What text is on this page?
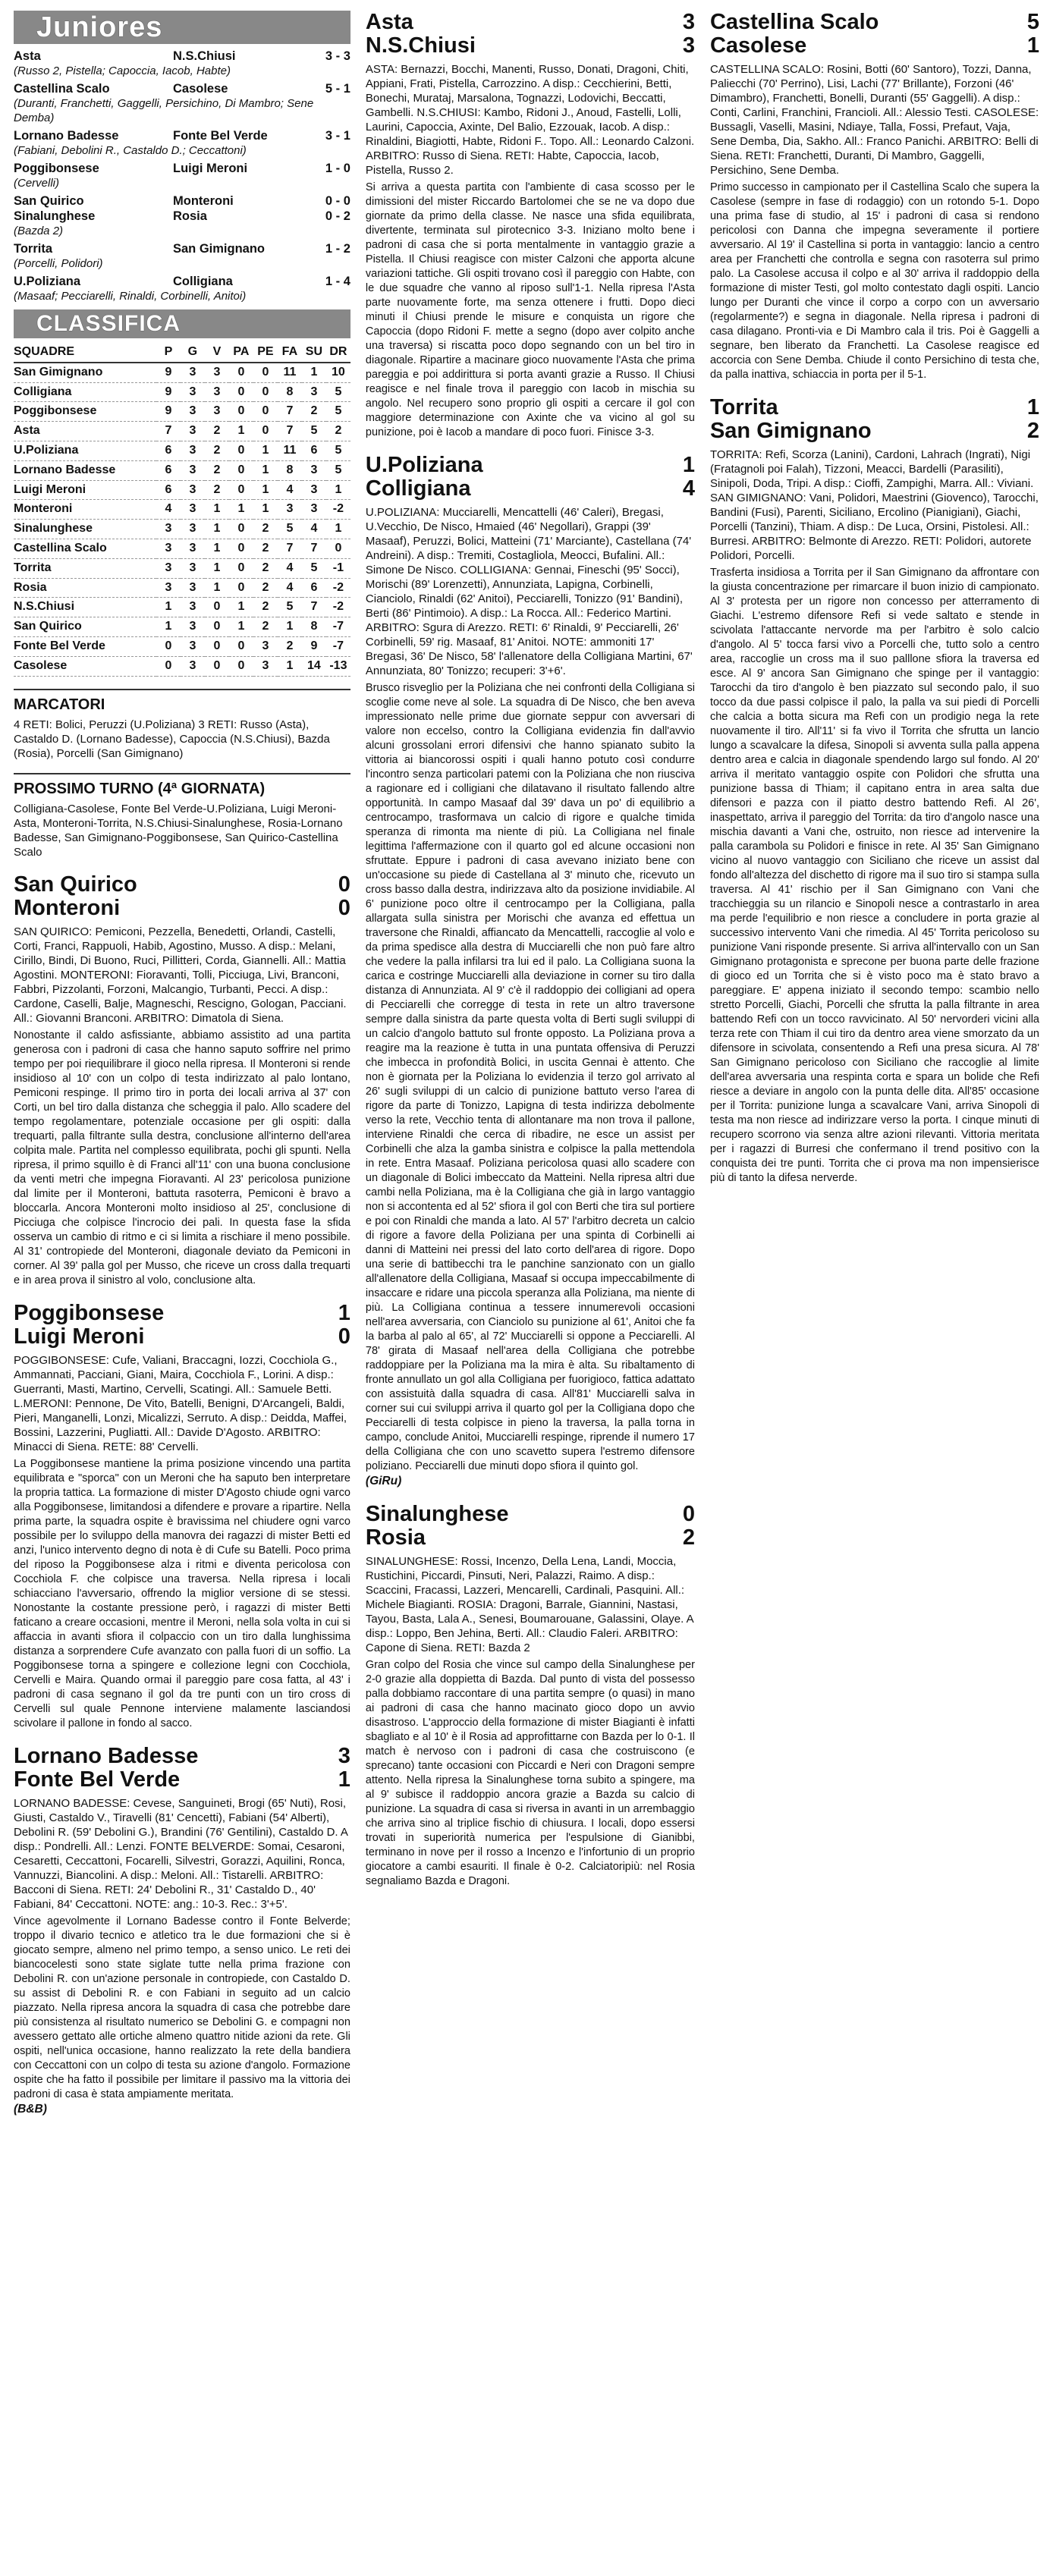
Juniores
Asta	N.S.Chiusi	3 - 3
(Russo 2, Pistella; Capoccia, Iacob, Habte)
Castellina Scalo	Casolese	5 - 1
(Duranti, Franchetti, Gaggelli, Persichino, Di Mambro; Sene Demba)
Lornano Badesse	Fonte Bel Verde	3 - 1
(Fabiani, Debolini R., Castaldo D.; Ceccattoni)
Poggibonsese	Luigi Meroni	1 - 0
(Cervelli)
San Quirico	Monteroni	0 - 0
Sinalunghese	Rosia	0 - 2
(Bazda 2)
Torrita	San Gimignano	1 - 2
(Porcelli, Polidori)
U.Poliziana	Colligiana	1 - 4
(Masaaf; Pecciarelli, Rinaldi, Corbinelli, Anitoi)
CLASSIFICA
SQUADRE	P	G	V	PA	PE	FA	SU	DR
San Gimignano	9	3	3	0	0	11	1	10
Colligiana	9	3	3	0	0	8	3	5
Poggibonsese	9	3	3	0	0	7	2	5
Asta	7	3	2	1	0	7	5	2
U.Poliziana	6	3	2	0	1	11	6	5
Lornano Badesse	6	3	2	0	1	8	3	5
Luigi Meroni	6	3	2	0	1	4	3	1
Monteroni	4	3	1	1	1	3	3	-2
Sinalunghese	3	3	1	0	2	5	4	1
Castellina Scalo	3	3	1	0	2	7	7	0
Torrita	3	3	1	0	2	4	5	-1
Rosia	3	3	1	0	2	4	6	-2
N.S.Chiusi	1	3	0	1	2	5	7	-2
San Quirico	1	3	0	1	2	1	8	-7
Fonte Bel Verde	0	3	0	0	3	2	9	-7
Casolese	0	3	0	0	3	1	14	-13
MARCATORI
4 RETI: Bolici, Peruzzi (U.Poliziana) 3 RETI: Russo (Asta), Castaldo D. (Lornano Badesse), Capoccia (N.S.Chiusi), Bazda (Rosia), Porcelli (San Gimignano)
PROSSIMO TURNO (4ª GIORNATA)
Colligiana-Casolese, Fonte Bel Verde-U.Poliziana, Luigi Meroni-Asta, Monteroni-Torrita, N.S.Chiusi-Sinalunghese, Rosia-Lornano Badesse, San Gimignano-Poggibonsese, San Quirico-Castellina Scalo
San Quirico	0
Monteroni	0
SAN QUIRICO: Pemiconi, Pezzella, Benedetti, Orlandi, Castelli, Corti, Franci, Rappuoli, Habib, Agostino, Musso. A disp.: Melani, Cirillo, Bindi, Di Buono, Ruci, Pillitteri, Corda, Giannelli. All.: Mattia Agostini. MONTERONI: Fioravanti, Tolli, Picciuga, Livi, Branconi, Fabbri, Pizzolanti, Forzoni, Malcangio, Turbanti, Pecci. A disp.: Cardone, Caselli, Balje, Magneschi, Rescigno, Gologan, Pacciani. All.: Giovanni Branconi. ARBITRO: Dimatola di Siena.
Nonostante il caldo asfissiante, abbiamo assistito ad una partita generosa con i padroni di casa che hanno saputo soffrire nel primo tempo per poi riequilibrare il gioco nella ripresa. Il Monteroni si rende insidioso al 10' con un colpo di testa indirizzato al palo lontano, Pemiconi respinge. Il primo tiro in porta dei locali arriva al 37' con Corti, un bel tiro dalla distanza che scheggia il palo. Allo scadere del tempo regolamentare, potenziale occasione per gli ospiti: dalla trequarti, palla filtrante sulla destra, conclusione all'interno dell'area colpita male. Partita nel complesso equilibrata, pochi gli spunti. Nella ripresa, il primo squillo è di Franci all'11' con una buona conclusione da venti metri che impegna Fioravanti. Al 23' pericolosa punizione dal limite per il Monteroni, battuta rasoterra, Pemiconi è bravo a bloccarla. Ancora Monteroni molto insidioso al 25', conclusione di Picciuga che colpisce l'incrocio dei pali. In questa fase la sfida osserva un cambio di ritmo e ci si limita a rischiare il meno possibile. Al 31' contropiede del Monteroni, diagonale deviato da Pemiconi in corner. Al 39' palla gol per Musso, che riceve un cross dalla trequarti e in area prova il sinistro al volo, conclusione alta.
Poggibonsese	1
Luigi Meroni	0
POGGIBONSESE: Cufe, Valiani, Braccagni, Iozzi, Cocchiola G., Ammannati, Pacciani, Giani, Maira, Cocchiola F., Lorini. A disp.: Guerranti, Masti, Martino, Cervelli, Scatingi. All.: Samuele Betti. L.MERONI: Pennone, De Vito, Batelli, Benigni, D'Arcangeli, Baldi, Pieri, Manganelli, Lonzi, Micalizzi, Serruto. A disp.: Deidda, Maffei, Bossini, Lazzerini, Pugliatti. All.: Davide D'Agosto. ARBITRO: Minacci di Siena. RETE: 88' Cervelli.
La Poggibonsese mantiene la prima posizione vincendo una partita equilibrata e "sporca" con un Meroni che ha saputo ben interpretare la propria tattica. La formazione di mister D'Agosto chiude ogni varco alla Poggibonsese, limitandosi a difendere e provare a ripartire. Nella prima parte, la squadra ospite è bravissima nel chiudere ogni varco possibile per lo sviluppo della manovra dei ragazzi di mister Betti ed anzi, l'unico intervento degno di nota è di Cufe su Batelli. Poco prima del riposo la Poggibonsese alza i ritmi e diventa pericolosa con Cocchiola F. che colpisce una traversa. Nella ripresa i locali schiacciano l'avversario, offrendo la miglior versione di se stessi. Nonostante la costante pressione però, i ragazzi di mister Betti faticano a creare occasioni, mentre il Meroni, nella sola volta in cui si affaccia in avanti sfiora il colpaccio con un tiro dalla lunghissima distanza a sorprendere Cufe avanzato con palla fuori di un soffio. La Poggibonsese torna a spingere e collezione legni con Cocchiola, Cervelli e Maira. Quando ormai il pareggio pare cosa fatta, al 43' i padroni di casa segnano il gol da tre punti con un tiro cross di Cervelli sul quale Pennone interviene malamente lasciandosi scivolare il pallone in fondo al sacco.
Lornano Badesse	3
Fonte Bel Verde	1
LORNANO BADESSE: Cevese, Sanguineti, Brogi (65' Nuti), Rosi, Giusti, Castaldo V., Tiravelli (81' Cencetti), Fabiani (54' Alberti), Debolini R. (59' Debolini G.), Brandini (76' Gentilini), Castaldo D. A disp.: Pondrelli. All.: Lenzi. FONTE BELVERDE: Somai, Cesaroni, Cesaretti, Ceccattoni, Focarelli, Silvestri, Gorazzi, Aquilini, Ronca, Vannuzzi, Biancolini. A disp.: Meloni. All.: Tistarelli. ARBITRO: Bacconi di Siena. RETI: 24' Debolini R., 31' Castaldo D., 40' Fabiani, 84' Ceccattoni. NOTE: ang.: 10-3. Rec.: 3'+5'.
Vince agevolmente il Lornano Badesse contro il Fonte Belverde; troppo il divario tecnico e atletico tra le due formazioni che si è giocato sempre, almeno nel primo tempo, a senso unico. Le reti dei biancocelesti sono state siglate tutte nella prima frazione con Debolini R. con un'azione personale in contropiede, con Castaldo D. su assist di Debolini R. e con Fabiani in seguito ad un calcio piazzato. Nella ripresa ancora la squadra di casa che potrebbe dare più consistenza al risultato numerico se Debolini G. e compagni non avessero gettato alle ortiche almeno quattro nitide azioni da rete. Gli ospiti, nell'unica occasione, hanno realizzato la rete della bandiera con Ceccattoni con un colpo di testa su azione d'angolo. Formazione ospite che ha fatto il possibile per limitare il passivo ma la vittoria dei padroni di casa è stata ampiamente meritata.
(B&B)
Asta	3
N.S.Chiusi	3
ASTA: Bernazzi, Bocchi, Manenti, Russo, Donati, Dragoni, Chiti, Appiani, Frati, Pistella, Carrozzino. A disp.: Cecchierini, Betti, Bonechi, Murataj, Marsalona, Tognazzi, Lodovichi, Beccatti, Gambelli. N.S.CHIUSI: Kambo, Ridoni J., Anoud, Fastelli, Lolli, Laurini, Capoccia, Axinte, Del Balio, Ezzouak, Iacob. A disp.: Rinaldini, Biagiotti, Habte, Ridoni F.. Topo. All.: Leonardo Calzoni. ARBITRO: Russo di Siena. RETI: Habte, Capoccia, Iacob, Pistella, Russo 2.
Si arriva a questa partita con l'ambiente di casa scosso per le dimissioni del mister Riccardo Bartolomei che se ne va dopo due giornate da primo della classe. Ne nasce una sfida equilibrata, divertente, terminata sul pirotecnico 3-3. Iniziano molto bene i padroni di casa che si porta mentalmente in vantaggio grazie a Pistella. Il Chiusi reagisce con mister Calzoni che apporta alcune variazioni tattiche. Gli ospiti trovano così il pareggio con Habte, con le due squadre che vanno al riposo sull'1-1. Nella ripresa l'Asta parte nuovamente forte, ma senza ottenere i frutti. Dopo dieci minuti il Chiusi prende le misure e conquista un rigore che Capoccia (dopo Ridoni F. mette a segno (dopo aver colpito anche una traversa) si riscatta poco dopo segnando con un bel tiro in diagonale. Ripartire a macinare gioco nuovamente l'Asta che prima pareggia e poi addirittura si porta avanti grazie a Russo. Il Chiusi reagisce e nel finale trova il pareggio con Iacob in mischia su angolo. Nel recupero sono proprio gli ospiti a cercare il gol con maggiore determinazione con Axinte che va vicino al gol su punizione, poi è Iacob a mandare di poco fuori. Finisce 3-3.
U.Poliziana	1
Colligiana	4
U.POLIZIANA: Mucciarelli, Mencattelli (46' Caleri), Bregasi, U.Vecchio, De Nisco, Hmaied (46' Negollari), Grappi (39' Masaaf), Peruzzi, Bolici, Matteini (71' Marciante), Castellana (74' Andreini). A disp.: Tremiti, Costagliola, Meocci, Bufalini. All.: Simone De Nisco. COLLIGIANA: Gennai, Fineschi (95' Socci), Morischi (89' Lorenzetti), Annunziata, Lapigna, Corbinelli, Cianciolo, Rinaldi (62' Anitoi), Pecciarelli, Tonizzo (91' Bandini), Berti (86' Pintimoio). A disp.: La Rocca. All.: Federico Martini. ARBITRO: Sgura di Arezzo. RETI: 6' Rinaldi, 9' Pecciarelli, 26' Corbinelli, 59' rig. Masaaf, 81' Anitoi. NOTE: ammoniti 17' Bregasi, 36' De Nisco, 58' l'allenatore della Colligiana Martini, 67' Annunziata, 80' Tonizzo; recuperi: 3'+6'.
Brusco risveglio per la Poliziana che nei confronti della Colligiana si scoglie come neve al sole. La squadra di De Nisco, che ben aveva impressionato nelle prime due giornate seppur con avversari di valore non eccelso, contro la Colligiana evidenzia fin dall'avvio alcuni grossolani errori difensivi che hanno spianato subito la vittoria ai biancorossi ospiti i quali hanno potuto così condurre l'incontro senza particolari patemi con la Poliziana che non riusciva a ragionare ed i colligiani che dilatavano il risultato fallendo altre opportunità. In campo Masaaf dal 39' dava un po' di equilibrio a centrocampo, trasformava un calcio di rigore e qualche timida speranza di rimonta ma niente di più. La Colligiana nel finale legittima l'affermazione con il quarto gol ed alcune occasioni non sfruttate. Eppure i padroni di casa avevano iniziato bene con un'occasione su piede di Castellana al 3' minuto che, ricevuto un cross basso dalla destra, indirizzava alto da posizione invidiabile. Al 6' punizione poco oltre il centrocampo per la Colligiana, palla allargata sulla sinistra per Morischi che avanza ed effettua un traversone che Rinaldi, affiancato da Mencattelli, raccoglie al volo e da prima spedisce alla destra di Mucciarelli che non può fare altro che vedere la palla infilarsi tra lui ed il palo. La Colligiana suona la carica e costringe Mucciarelli alla deviazione in corner su tiro dalla distanza di Annunziata. Al 9' c'è il raddoppio dei colligiani ad opera di Pecciarelli che corregge di testa in rete un altro traversone sempre dalla sinistra da parte questa volta di Berti sugli sviluppi di un calcio d'angolo battuto sul fronte opposto. La Poliziana prova a reagire ma la reazione è tutta in una puntata offensiva di Peruzzi che imbecca in profondità Bolici, in uscita Gennai è attento. Che non è giornata per la Poliziana lo evidenzia il terzo gol arrivato al 26' sugli sviluppi di un calcio di punizione battuto verso l'area di rigore da parte di Tonizzo, Lapigna di testa indirizza debolmente verso la rete, Vecchio tenta di allontanare ma non trova il pallone, interviene Rinaldi che cerca di ribadire, ne esce un assist per Corbinelli che alza la gamba sinistra e colpisce la palla mettendola in rete. Entra Masaaf. Poliziana pericolosa quasi allo scadere con un diagonale di Bolici imbeccato da Matteini. Nella ripresa altri due cambi nella Poliziana, ma è la Colligiana che già in largo vantaggio non si accontenta ed al 52' sfiora il gol con Berti che tira sul portiere e poi con Rinaldi che manda a lato. Al 57' l'arbitro decreta un calcio di rigore a favore della Poliziana per una spinta di Corbinelli ai danni di Matteini nei pressi del lato corto dell'area di rigore. Dopo una serie di battibecchi tra le panchine sanzionato con un giallo all'allenatore della Colligiana, Masaaf si occupa impeccabilmente di insaccare e ridare una piccola speranza alla Poliziana, ma niente di più. La Colligiana continua a tessere innumerevoli occasioni nell'area avversaria, con Cianciolo su punizione al 61', Anitoi che fa la barba al palo al 65', al 72' Mucciarelli si oppone a Pecciarelli. Al 78' girata di Masaaf nell'area della Colligiana che potrebbe raddoppiare per la Poliziana ma la mira è alta. Su ribaltamento di fronte annullato un gol alla Colligiana per fuorigioco, fattica adattato con assistuità dalla squadra di casa. All'81' Mucciarelli salva in corner sui cui sviluppi arriva il quarto gol per la Colligiana dopo che Pecciarelli di testa colpisce in pieno la traversa, la palla torna in campo, conclude Anitoi, Mucciarelli respinge, riprende il numero 17 della Colligiana che con uno scavetto supera l'estremo difensore poliziano. Pecciarelli due minuti dopo sfiora il quinto gol.
(GiRu)
Sinalunghese	0
Rosia	2
SINALUNGHESE: Rossi, Incenzo, Della Lena, Landi, Moccia, Rustichini, Piccardi, Pinsuti, Neri, Palazzi, Raimo. A disp.: Scaccini, Fracassi, Lazzeri, Mencarelli, Cardinali, Pasquini. All.: Michele Biagianti. ROSIA: Dragoni, Barrale, Giannini, Nastasi, Tayou, Basta, Lala A., Senesi, Boumarouane, Galassini, Olaye. A disp.: Loppo, Ben Jehina, Berti. All.: Claudio Faleri. ARBITRO: Capone di Siena. RETI: Bazda 2
Gran colpo del Rosia che vince sul campo della Sinalunghese per 2-0 grazie alla doppietta di Bazda. Dal punto di vista del possesso palla dobbiamo raccontare di una partita sempre (o quasi) in mano ai padroni di casa che hanno macinato gioco dopo un avvio disastroso. L'approccio della formazione di mister Biagianti è infatti sbagliato e al 10' è il Rosia ad approfittarne con Bazda per lo 0-1. Il match è nervoso con i padroni di casa che costruiscono (e sprecano) tante occasioni con Piccardi e Neri con Dragoni sempre attento. Nella ripresa la Sinalunghese torna subito a spingere, ma al 9' subisce il raddoppio ancora grazie a Bazda su calcio di punizione. La squadra di casa si riversa in avanti in un arrembaggio che arriva sino al triplice fischio di chiusura. I locali, dopo essersi trovati in superiorità numerica per l'espulsione di Gianibbi, terminano in nove per il rosso a Incenzo e l'infortunio di un proprio giocatore a cambi esauriti. Il finale è 0-2. Calciatoripiù: nel Rosia segnaliamo Bazda e Dragoni.
Castellina Scalo	5
Casolese	1
CASTELLINA SCALO: Rosini, Botti (60' Santoro), Tozzi, Danna, Paliecchi (70' Perrino), Lisi, Lachi (77' Brillante), Forzoni (46' Dimambro), Franchetti, Bonelli, Duranti (55' Gaggelli). A disp.: Conti, Carlini, Franchini, Francioli. All.: Alessio Testi. CASOLESE: Bussagli, Vaselli, Masini, Ndiaye, Talla, Fossi, Prefaut, Vaja, Sene Demba, Dia, Sakho. All.: Franco Panichi. ARBITRO: Belli di Siena. RETI: Franchetti, Duranti, Di Mambro, Gaggelli, Persichino, Sene Demba.
Primo successo in campionato per il Castellina Scalo che supera la Casolese (sempre in fase di rodaggio) con un rotondo 5-1. Dopo una prima fase di studio, al 15' i padroni di casa si rendono pericolosi con Danna che impegna severamente il portiere avversario. Al 19' il Castellina si porta in vantaggio: lancio a centro area per Franchetti che controlla e segna con rasoterra sul primo palo. La Casolese accusa il colpo e al 30' arriva il raddoppio della formazione di mister Testi, gol molto contestato dagli ospiti. Lancio lungo per Duranti che vince il corpo a corpo con un avversario (regolarmente?) e segna in diagonale. Nella ripresa i padroni di casa dilagano. Pronti-via e Di Mambro cala il tris. Poi è Gaggelli a segnare, ben liberato da Franchetti. La Casolese reagisce ed accorcia con Sene Demba. Chiude il conto Persichino di testa che, da palla inattiva, schiaccia in porta per il 5-1.
Torrita	1
San Gimignano	2
TORRITA: Refi, Scorza (Lanini), Cardoni, Lahrach (Ingrati), Nigi (Fratagnoli poi Falah), Tizzoni, Meacci, Bardelli (Parasiliti), Sinipoli, Doda, Tripi. A disp.: Cioffi, Zampighi, Marra. All.: Viviani. SAN GIMIGNANO: Vani, Polidori, Maestrini (Giovenco), Tarocchi, Bandini (Fusi), Parenti, Siciliano, Ercolino (Pianigiani), Giachi, Porcelli (Tanzini), Thiam. A disp.: De Luca, Orsini, Pistolesi. All.: Burresi. ARBITRO: Belmonte di Arezzo. RETI: Polidori, autorete Polidori, Porcelli.
Trasferta insidiosa a Torrita per il San Gimignano da affrontare con la giusta concentrazione per rimarcare il buon inizio di campionato. Al 3' protesta per un rigore non concesso per atterramento di Giachi. L'estremo difensore Refi si vede saltato e stende in scivolata l'attaccante nervorde ma per l'arbitro è solo calcio d'angolo. Al 5' tocca farsi vivo a Porcelli che, tutto solo a centro area, raccoglie un cross ma il suo palllone sfiora la traversa ed esce. Al 9' ancora San Gimignano che spinge per il vantaggio: Tarocchi da tiro d'angolo è ben piazzato sul secondo palo, il suo tocco da due passi colpisce il palo, la palla va sui piedi di Porcelli che calcia a botta sicura ma Refi con un prodigio nega la rete nuovamente il tiro. All'11' si fa vivo il Torrita che sfrutta un lancio lungo a scavalcare la difesa, Sinopoli si avventa sulla palla appena dentro area e calcia in diagonale spendendo largo sul fondo. Al 20' arriva il meritato vantaggio ospite con Polidori che sfrutta una punizione bassa di Thiam; il capitano entra in area salta due difensori e pazza con il piatto destro battendo Refi. Al 26', inaspettato, arriva il pareggio del Torrita: da tiro d'angolo nasce una mischia davanti a Vani che, ostruito, non riesce ad intervenire la palla carambola su Polidori e finisce in rete. Al 35' San Gimignano vicino al nuovo vantaggio con Siciliano che riceve un assist dal fondo all'altezza del dischetto di rigore ma il suo tiro si stampa sulla traversa. Al 41' rischio per il San Gimignano con Vani che tracchieggia su un rilancio e Sinopoli nesce a contrastarlo in area ma perde l'equilibrio e non riesce a concludere in porta grazie al successivo intervento Vani che rimedia. Al 45' Torrita pericoloso su punizione Vani risponde presente. Si arriva all'intervallo con un San Gimignano protagonista e sprecone per buona parte delle frazione di gioco ed un Torrita che si è visto poco ma è stato bravo a pareggiare. E' appena iniziato il secondo tempo: scambio nello stretto Porcelli, Giachi, Porcelli che sfrutta la palla filtrante in area battendo Refi con un tocco ravvicinato. Al 50' nervorderi vicini alla terza rete con Thiam il cui tiro da dentro area viene smorzato da un difensore in scivolata, consentendo a Refi una presa sicura. Al 78' San Gimignano pericoloso con Siciliano che raccoglie al limite dell'area avversaria una respinta corta e spara un bolide che Refi riesce a deviare in angolo con la punta delle dita. All'85' occasione per il Torrita: punizione lunga a scavalcare Vani, arriva Sinopoli di testa ma non riesce ad indirizzare verso la porta. I cinque minuti di recupero scorrono via senza altre azioni rilevanti. Vittoria meritata per i ragazzi di Burresi che confermano il trend positivo con la conquista dei tre punti. Torrita che ci prova ma non impensierisce più di tanto la difesa nerverde.
